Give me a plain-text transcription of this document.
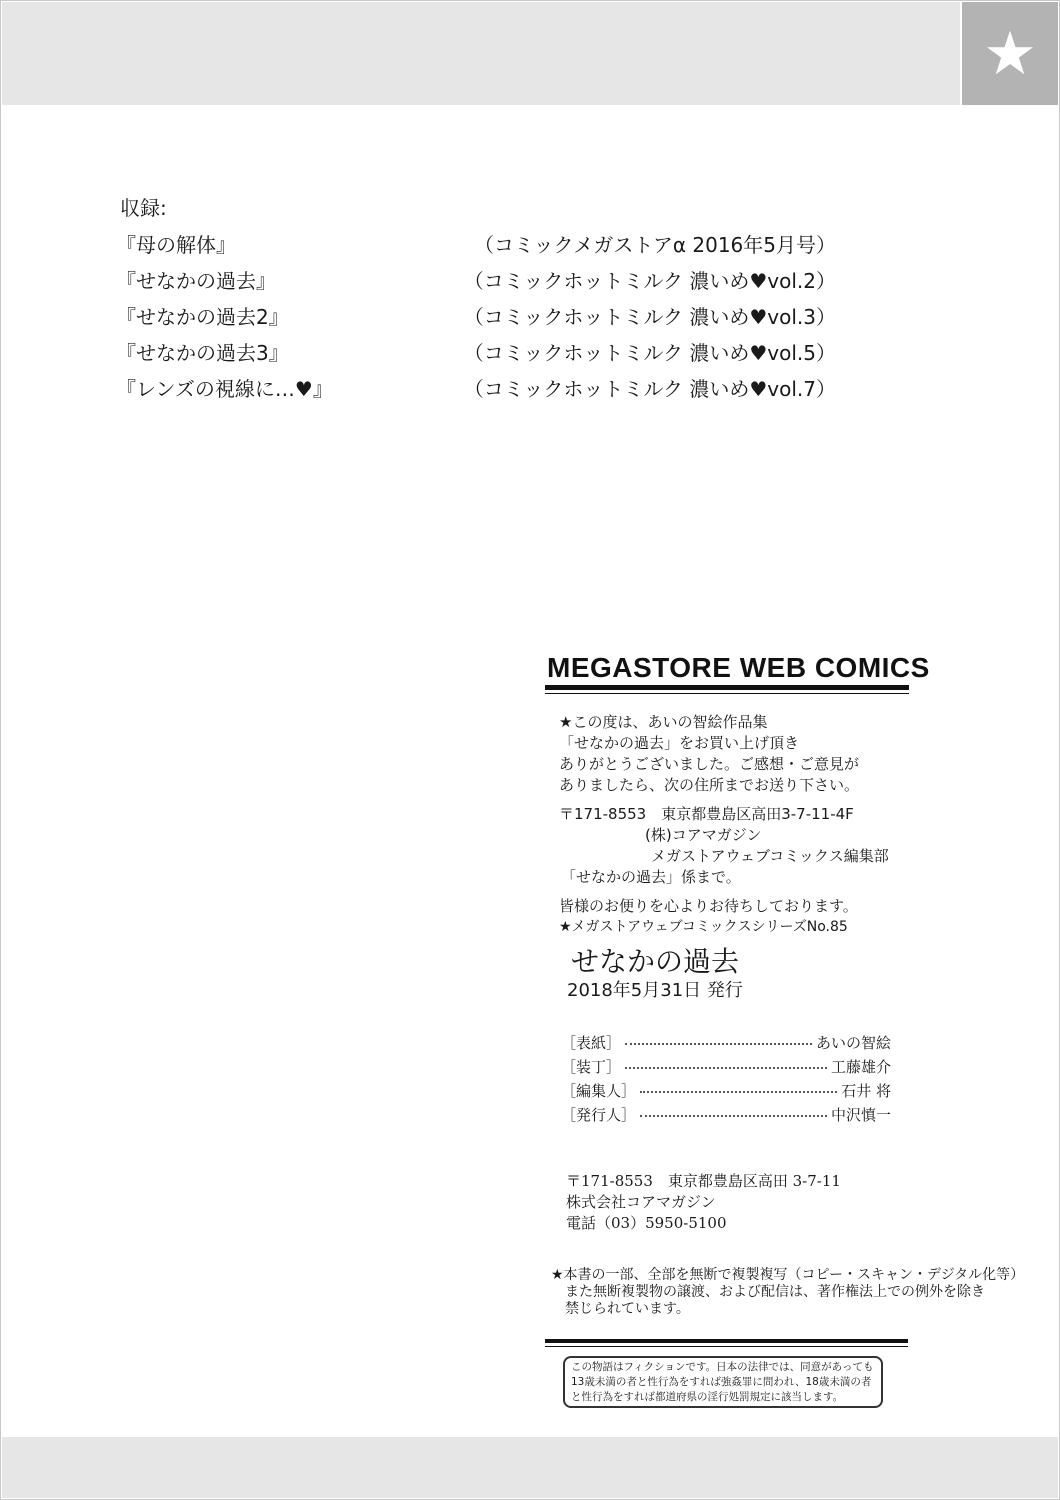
★
収録:
『母の解体』	（コミックメガストアα 2016年5月号）
『せなかの過去』	（コミックホットミルク 濃いめ♥vol.2）
『せなかの過去2』	（コミックホットミルク 濃いめ♥vol.3）
『せなかの過去3』	（コミックホットミルク 濃いめ♥vol.5）
『レンズの視線に…♥』	（コミックホットミルク 濃いめ♥vol.7）
MEGASTORE WEB COMICS
★この度は、あいの智絵作品集
「せなかの過去」をお買い上げ頂き
ありがとうございました。ご感想・ご意見が
ありましたら、次の住所までお送り下さい。
〒171-8553　東京都豊島区高田3-7-11-4F
(株)コアマガジン
メガストアウェブコミックス編集部
「せなかの過去」係まで。
皆様のお便りを心よりお待ちしております。
★メガストアウェブコミックスシリーズNo.85
せなかの過去
2018年5月31日 発行
［表紙］	あいの智絵
［装丁］	工藤雄介
［編集人］	石井 将
［発行人］	中沢慎一
〒171-8553　東京都豊島区高田 3-7-11
株式会社コアマガジン
電話（03）5950-5100
★本書の一部、全部を無断で複製複写（コピー・スキャン・デジタル化等）
また無断複製物の譲渡、および配信は、著作権法上での例外を除き
禁じられています。
この物語はフィクションです。日本の法律では、同意があっても
13歳未満の者と性行為をすれば強姦罪に問われ、18歳未満の者
と性行為をすれば都道府県の淫行処罰規定に該当します。
